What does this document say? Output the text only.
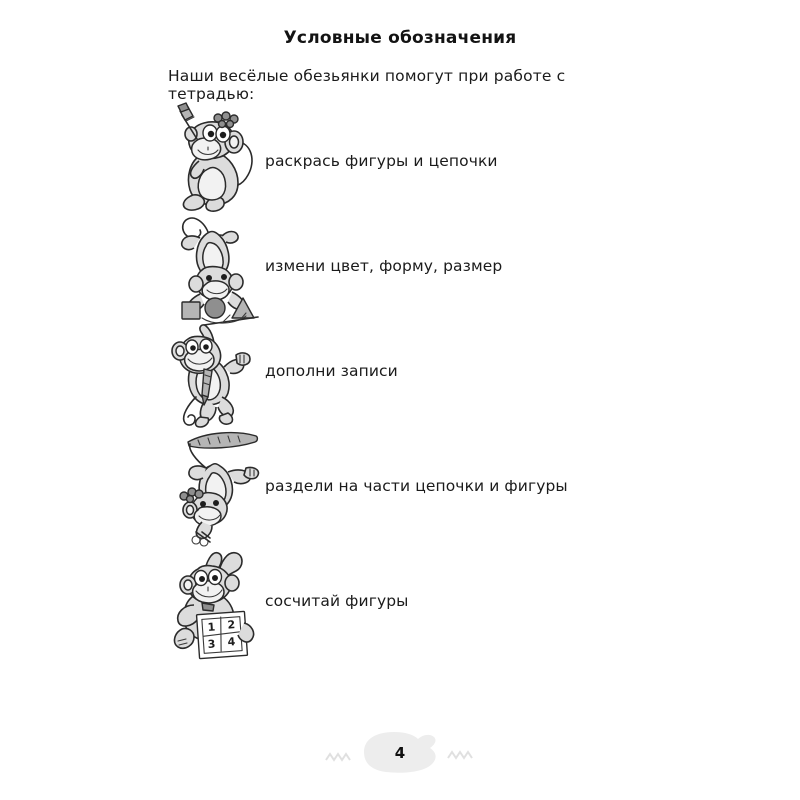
Условные обозначения
Наши весёлые обезьянки помогут при работе с тетрадью:
раскрась фигуры и цепочки
измени цвет, форму, размер
дополни записи
раздели на части цепочки и фигуры
1 2
3 4
сосчитай фигуры
4
